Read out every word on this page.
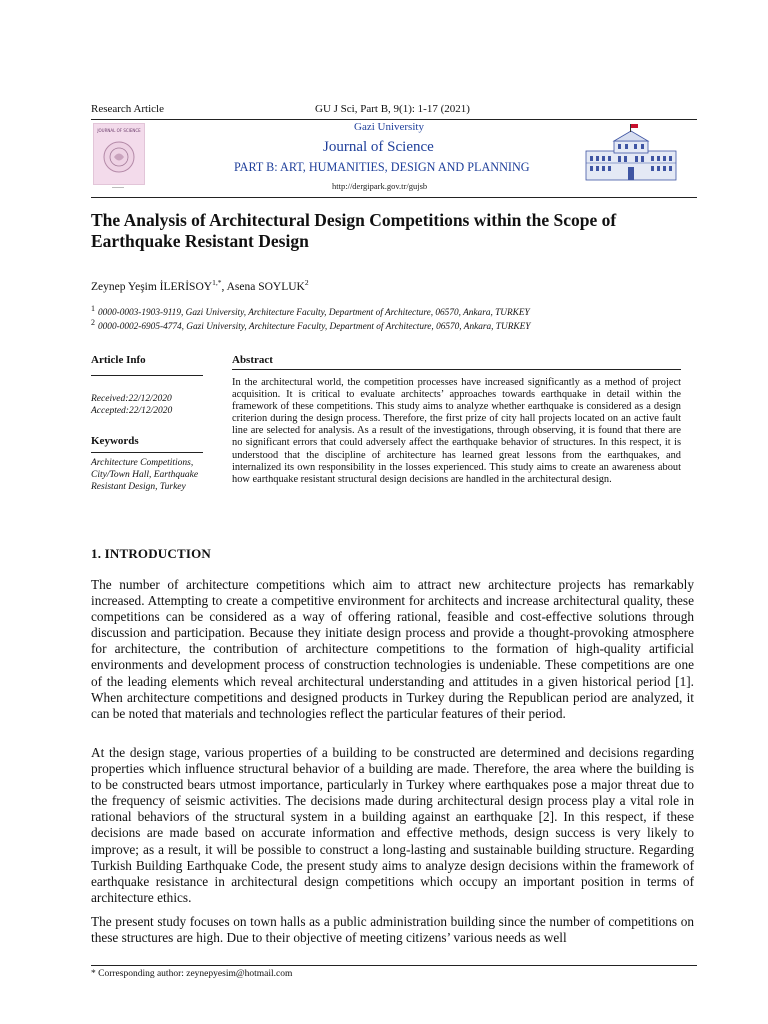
Research Article	GU J Sci, Part B, 9(1): 1-17 (2021)
JOURNAL OF SCIENCE	Gazi University
Journal of Science
PART B: ART, HUMANITIES, DESIGN AND PLANNING
http://dergipark.gov.tr/gujsb
The Analysis of Architectural Design Competitions within the Scope of Earthquake Resistant Design
Zeynep Yeşim $İLERİSOY^{1,*}$, Asena SOYLUK$^2$
$^1$ 0000-0003-1903-9119, Gazi University, Architecture Faculty, Department of Architecture, 06570, Ankara, TURKEY
$^2$ 0000-0002-6905-4774, Gazi University, Architecture Faculty, Department of Architecture, 06570, Ankara, TURKEY
Article Info
Received:22/12/2020
Accepted:22/12/2020
Keywords
Architecture Competitions, City/Town Hall, Earthquake Resistant Design, Turkey
Abstract
In the architectural world, the competition processes have increased significantly as a method of project acquisition. It is critical to evaluate architects’ approaches towards earthquake in detail within the framework of these competitions. This study aims to analyze whether earthquake is considered as a design criterion during the design process. Therefore, the first prize of city hall projects located on an active fault line are selected for analysis. As a result of the investigations, through observing, it is found that there are no significant errors that could adversely affect the earthquake behavior of structures. In this respect, it is understood that the discipline of architecture has learned great lessons from the earthquakes, and internalized its own responsibility in the losses experienced. This study aims to create an awareness about how earthquake resistant structural design decisions are handled in the architectural design.
1. INTRODUCTION
The number of architecture competitions which aim to attract new architecture projects has remarkably increased. Attempting to create a competitive environment for architects and increase architectural quality, these competitions can be considered as a way of offering rational, feasible and cost-effective solutions through discussion and participation. Because they initiate design process and provide a thought-provoking atmosphere for architecture, the contribution of architecture competitions to the formation of high-quality artificial environments and development process of construction technologies is undeniable. These competitions are one of the leading elements which reveal architectural understanding and attitudes in a given historical period [1]. When architecture competitions and designed products in Turkey during the Republican period are analyzed, it can be noted that materials and technologies reflect the particular features of their period.
At the design stage, various properties of a building to be constructed are determined and decisions regarding properties which influence structural behavior of a building are made. Therefore, the area where the building is to be constructed bears utmost importance, particularly in Turkey where earthquakes pose a major threat due to the frequency of seismic activities. The decisions made during architectural design process play a vital role in rational behaviors of the structural system in a building against an earthquake [2]. In this respect, if these decisions are made based on accurate information and effective methods, design success is very likely to improve; as a result, it will be possible to construct a long-lasting and sustainable building structure. Regarding Turkish Building Earthquake Code, the present study aims to analyze design decisions within the framework of earthquake resistance in architectural design competitions which occupy an important position in terms of architecture ethics.
The present study focuses on town halls as a public administration building since the number of competitions on these structures are high. Due to their objective of meeting citizens’ various needs as well
* Corresponding author: zeynepyesim@hotmail.com
